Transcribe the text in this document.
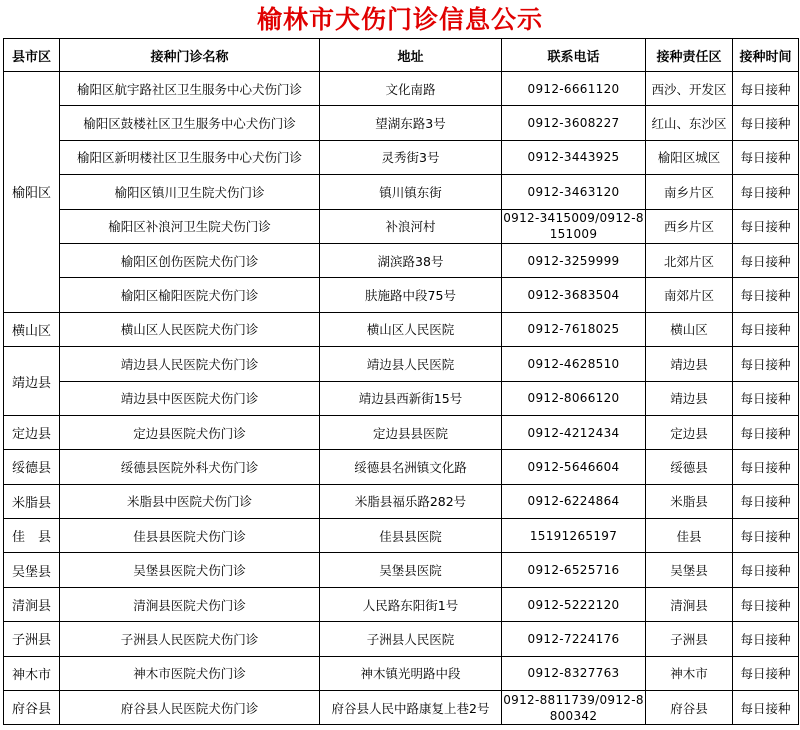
榆林市犬伤门诊信息公示
县市区	接种门诊名称	地址	联系电话	接种责任区	接种时间
榆阳区	榆阳区航宇路社区卫生服务中心犬伤门诊	文化南路	0912-6661120	西沙、开发区	每日接种
	榆阳区鼓楼社区卫生服务中心犬伤门诊	望湖东路3号	0912-3608227	红山、东沙区	每日接种
	榆阳区新明楼社区卫生服务中心犬伤门诊	灵秀街3号	0912-3443925	榆阳区城区	每日接种
	榆阳区镇川卫生院犬伤门诊	镇川镇东街	0912-3463120	南乡片区	每日接种
	榆阳区补浪河卫生院犬伤门诊	补浪河村	0912-3415009/0912-8151009	西乡片区	每日接种
	榆阳区创伤医院犬伤门诊	湖滨路38号	0912-3259999	北郊片区	每日接种
	榆阳区榆阳医院犬伤门诊	肤施路中段75号	0912-3683504	南郊片区	每日接种
横山区	横山区人民医院犬伤门诊	横山区人民医院	0912-7618025	横山区	每日接种
靖边县	靖边县人民医院犬伤门诊	靖边县人民医院	0912-4628510	靖边县	每日接种
	靖边县中医医院犬伤门诊	靖边县西新街15号	0912-8066120	靖边县	每日接种
定边县	定边县医院犬伤门诊	定边县县医院	0912-4212434	定边县	每日接种
绥德县	绥德县医院外科犬伤门诊	绥德县名洲镇文化路	0912-5646604	绥德县	每日接种
米脂县	米脂县中医院犬伤门诊	米脂县福乐路282号	0912-6224864	米脂县	每日接种
佳　县	佳县县医院犬伤门诊	佳县县医院	15191265197	佳县	每日接种
吴堡县	吴堡县医院犬伤门诊	吴堡县医院	0912-6525716	吴堡县	每日接种
清涧县	清涧县医院犬伤门诊	人民路东阳街1号	0912-5222120	清涧县	每日接种
子洲县	子洲县人民医院犬伤门诊	子洲县人民医院	0912-7224176	子洲县	每日接种
神木市	神木市医院犬伤门诊	神木镇光明路中段	0912-8327763	神木市	每日接种
府谷县	府谷县人民医院犬伤门诊	府谷县人民中路康复上巷2号	0912-8811739/0912-8800342	府谷县	每日接种
